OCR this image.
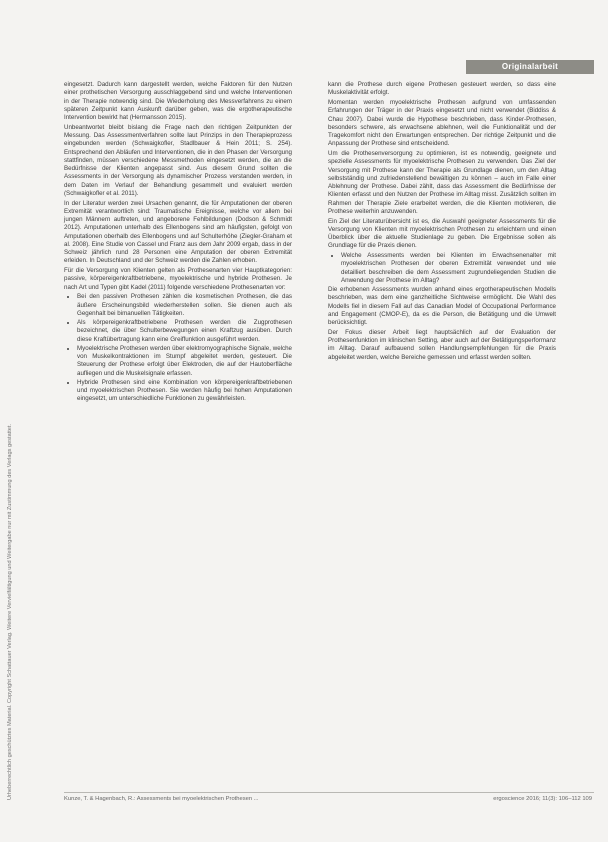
Urheberrechtlich geschütztes Material. Copyright Schattauer Verlag. Weitere Vervielfältigung und Weitergabe nur mit Zustimmung des Verlags gestattet.
Originalarbeit

eingesetzt. Dadurch kann dargestellt werden, welche Faktoren für den Nutzen einer prothetischen Versorgung ausschlaggebend sind und welche Interventionen in der Therapie notwendig sind. Die Wiederholung des Messverfahrens zu einem späteren Zeitpunkt kann Auskunft darüber geben, was die ergotherapeutische Intervention bewirkt hat (Hermansson 2015).

Unbeantwortet bleibt bislang die Frage nach den richtigen Zeitpunkten der Messung. Das Assessmentverfahren sollte laut Prinzips in den Therapieprozess eingebunden werden (Schwaigkofler, Stadlbauer & Hein 2011; S. 254). Entsprechend den Abläufen und Interventionen, die in den Phasen der Versorgung stattfinden, müssen verschiedene Messmethoden eingesetzt werden, die an die Bedürfnisse der Klienten angepasst sind. Aus diesem Grund sollten die Assessments in der Versorgung als dynamischer Prozess verstanden werden, in dem Daten im Verlauf der Behandlung gesammelt und evaluiert werden (Schwaigkofler et al. 2011).

In der Literatur werden zwei Ursachen genannt, die für Amputationen der oberen Extremität verantwortlich sind: Traumatische Ereignisse, welche vor allem bei jungen Männern auftreten, und angeborene Fehlbildungen (Dodson & Schmidt 2012). Amputationen unterhalb des Ellenbogens sind am häufigsten, gefolgt von Amputationen oberhalb des Ellenbogens und auf Schulterhöhe (Ziegler-Graham et al. 2008). Eine Studie von Cassel und Franz aus dem Jahr 2009 ergab, dass in der Schweiz jährlich rund 28 Personen eine Amputation der oberen Extremität erleiden. In Deutschland und der Schweiz werden die Zahlen erhoben.

Für die Versorgung von Klienten gelten als Prothesenarten vier Hauptkategorien: passive, körpereigenkraftbetriebene, myoelektrische und hybride Prothesen. Je nach Art und Typen gibt Kadel (2011) folgende verschiedene Prothesenarten vor:

• Bei den passiven Prothesen zählen die kosmetischen Prothesen, die das äußere Erscheinungsbild wiederherstellen sollen. Sie dienen auch als Gegenhalt bei bimanuellen Tätigkeiten.
• Als körpereigenkraftbetriebene Prothesen werden die Zugprothesen bezeichnet, die über Schulterbewegungen einen Kraftzug ausüben. Durch diese Kraftübertragung kann eine Greiffunktion ausgeführt werden.
• Myoelektrische Prothesen werden über elektromyographische Signale, welche von Muskelkontraktionen im Stumpf abgeleitet werden, gesteuert. Die Steuerung der Prothese erfolgt über Elektroden, die auf der Hautoberfläche aufliegen und die Muskelsignale erfassen.
• Hybride Prothesen sind eine Kombination von körpereigenkraftbetriebenen und myoelektrischen Prothesen. Sie werden häufig bei hohen Amputationen eingesetzt, um unterschiedliche Funktionen zu gewährleisten.

kann die Prothese durch eigene Prothesen gesteuert werden, so dass eine Muskelaktivität erfolgt.

Momentan werden myoelektrische Prothesen aufgrund von umfassenden Erfahrungen der Träger in der Praxis eingesetzt und nicht verwendet (Biddiss & Chau 2007). Dabei wurde die Hypothese beschrieben, dass Kinder-Prothesen, besonders schwere, als erwachsene ablehnen, weil die Funktionalität und der Tragekomfort nicht den Erwartungen entsprechen. Der richtige Zeitpunkt und die Anpassung der Prothese sind entscheidend.

Um die Prothesenversorgung zu optimieren, ist es notwendig, geeignete und spezielle Assessments für myoelektrische Prothesen zu verwenden. Das Ziel der Versorgung mit Prothese kann der Therapie als Grundlage dienen, um den Alltag selbstständig und zufriedenstellend bewältigen zu können – auch im Falle einer Ablehnung der Prothese. Dabei zählt, dass das Assessment die Bedürfnisse der Klienten erfasst und den Nutzen der Prothese im Alltag misst. Zusätzlich sollten im Rahmen der Therapie Ziele erarbeitet werden, die die Klienten motivieren, die Prothese weiterhin anzuwenden.

Ein Ziel der Literaturübersicht ist es, die Auswahl geeigneter Assessments für die Versorgung von Klienten mit myoelektrischen Prothesen zu erleichtern und einen Überblick über die aktuelle Studienlage zu geben. Die Ergebnisse sollen als Grundlage für die Praxis dienen.

• Welche Assessments werden bei Klienten im Erwachsenenalter mit myoelektrischen Prothesen der oberen Extremität verwendet und wie detailliert beschreiben die dem Assessment zugrundeliegenden Studien die Anwendung der Prothese im Alltag?

Die erhobenen Assessments wurden anhand eines ergotherapeutischen Modells beschrieben, was dem eine ganzheitliche Sichtweise ermöglicht. Die Wahl des Modells fiel in diesem Fall auf das Canadian Model of Occupational Performance and Engagement (CMOP-E), da es die Person, die Betätigung und die Umwelt berücksichtigt.

Der Fokus dieser Arbeit liegt hauptsächlich auf der Evaluation der Prothesenfunktion im klinischen Setting, aber auch auf der Betätigungsperformanz im Alltag. Darauf aufbauend sollen Handlungsempfehlungen für die Praxis abgeleitet werden, welche Bereiche gemessen und erfasst werden sollten.

Kunze, T. & Hagenbach, R.: Assessments bei myoelektrischen Prothesen ...	ergoscience 2016; 11(3): 106–112 109
